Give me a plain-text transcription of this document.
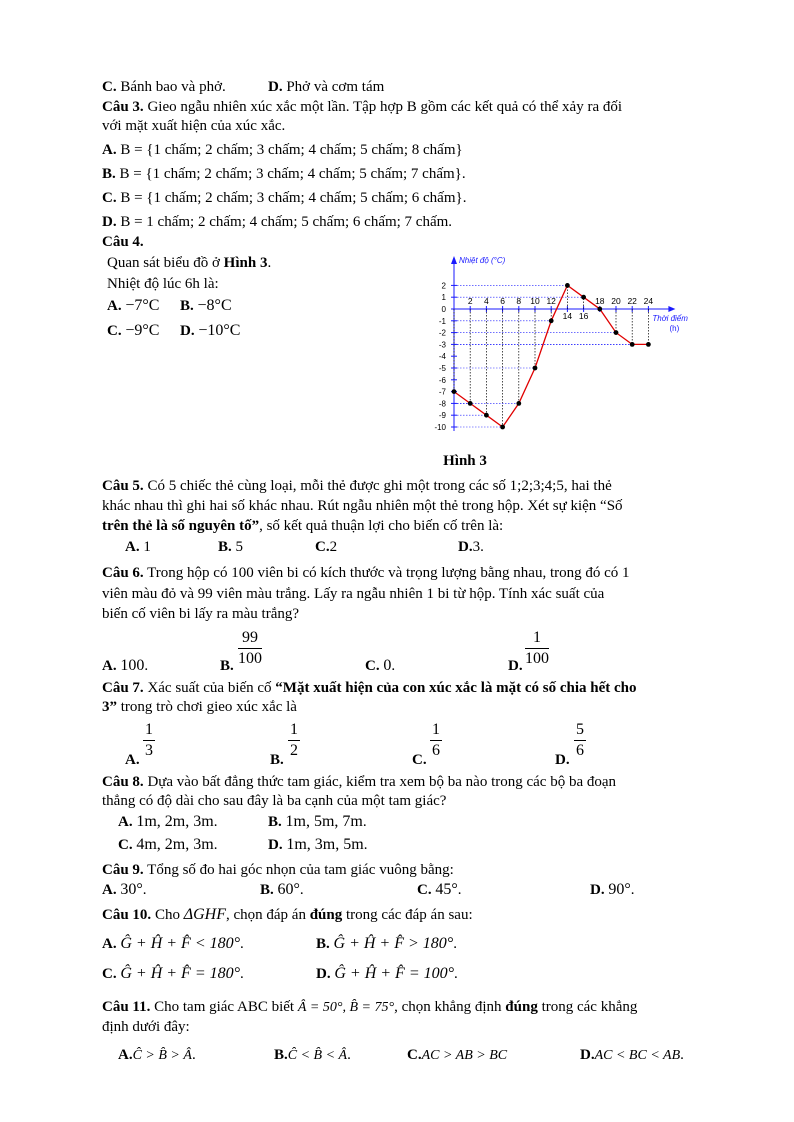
C. Bánh bao và phở.	D. Phở và cơm tám
Câu 3. Gieo ngẫu nhiên xúc xắc một lần. Tập hợp B gồm các kết quả có thể xảy ra đối
với mặt xuất hiện của xúc xắc.
A. B = {1 chấm; 2 chấm; 3 chấm; 4 chấm; 5 chấm; 8 chấm}
B. B = {1 chấm; 2 chấm; 3 chấm; 4 chấm; 5 chấm; 7 chấm}.
C. B = {1 chấm; 2 chấm; 3 chấm; 4 chấm; 5 chấm; 6 chấm}.
D. B = 1 chấm; 2 chấm; 4 chấm; 5 chấm; 6 chấm; 7 chấm.
Câu 4.
Quan sát biểu đồ ở Hình 3.
Nhiệt độ lúc 6h là:
A. −7°C B. −8°C
C. −9°C D. −10°C
2
1
0
-1
-2
-3
-4
-5
-6
-7
-8
-9
-10
2 4 6 8 10 12	18 20 22 24
14 16
Nhiệt độ (°C)
Thời điểm
(h)
Hình 3
Câu 5. Có 5 chiếc thẻ cùng loại, mỗi thẻ được ghi một trong các số 1;2;3;4;5, hai thẻ
khác nhau thì ghi hai số khác nhau. Rút ngẫu nhiên một thẻ trong hộp. Xét sự kiện “Số
trên thẻ là số nguyên tố”, số kết quả thuận lợi cho biến cố trên là:
A. 1	B. 5	C.2	D.3.
Câu 6. Trong hộp có 100 viên bi có kích thước và trọng lượng bằng nhau, trong đó có 1
viên màu đỏ và 99 viên màu trắng. Lấy ra ngẫu nhiên 1 bi từ hộp. Tính xác suất của
biến cố viên bi lấy ra màu trắng?
A. 100.	B. $\frac{99}{100}$	C. 0.	D. $\frac{1}{100}$
Câu 7. Xác suất của biến cố “Mặt xuất hiện của con xúc xắc là mặt có số chia hết cho
3” trong trò chơi gieo xúc xắc là
A. $\frac{1}{3}$	B. $\frac{1}{2}$	C. $\frac{1}{6}$	D. $\frac{5}{6}$
Câu 8. Dựa vào bất đẳng thức tam giác, kiểm tra xem bộ ba nào trong các bộ ba đoạn
thẳng có độ dài cho sau đây là ba cạnh của một tam giác?
A. 1m, 2m, 3m.	B. 1m, 5m, 7m.
C. 4m, 2m, 3m.	D. 1m, 3m, 5m.
Câu 9. Tổng số đo hai góc nhọn của tam giác vuông bằng:
A. 30°.	B. 60°.	C. 45°.	D. 90°.
Câu 10. Cho ΔGHF, chọn đáp án đúng trong các đáp án sau:
A. Ĝ + Ĥ + F̂ < 180°.	B. Ĝ + Ĥ + F̂ > 180°.
C. Ĝ + Ĥ + F̂ = 180°.	D. Ĝ + Ĥ + F̂ = 100°.
Câu 11. Cho tam giác ABC biết Â = 50°, B̂ = 75°, chọn khẳng định đúng trong các khẳng
định dưới đây:
A.Ĉ > B̂ > Â.	B.Ĉ < B̂ < Â.	C.AC > AB > BC	D.AC < BC < AB.
